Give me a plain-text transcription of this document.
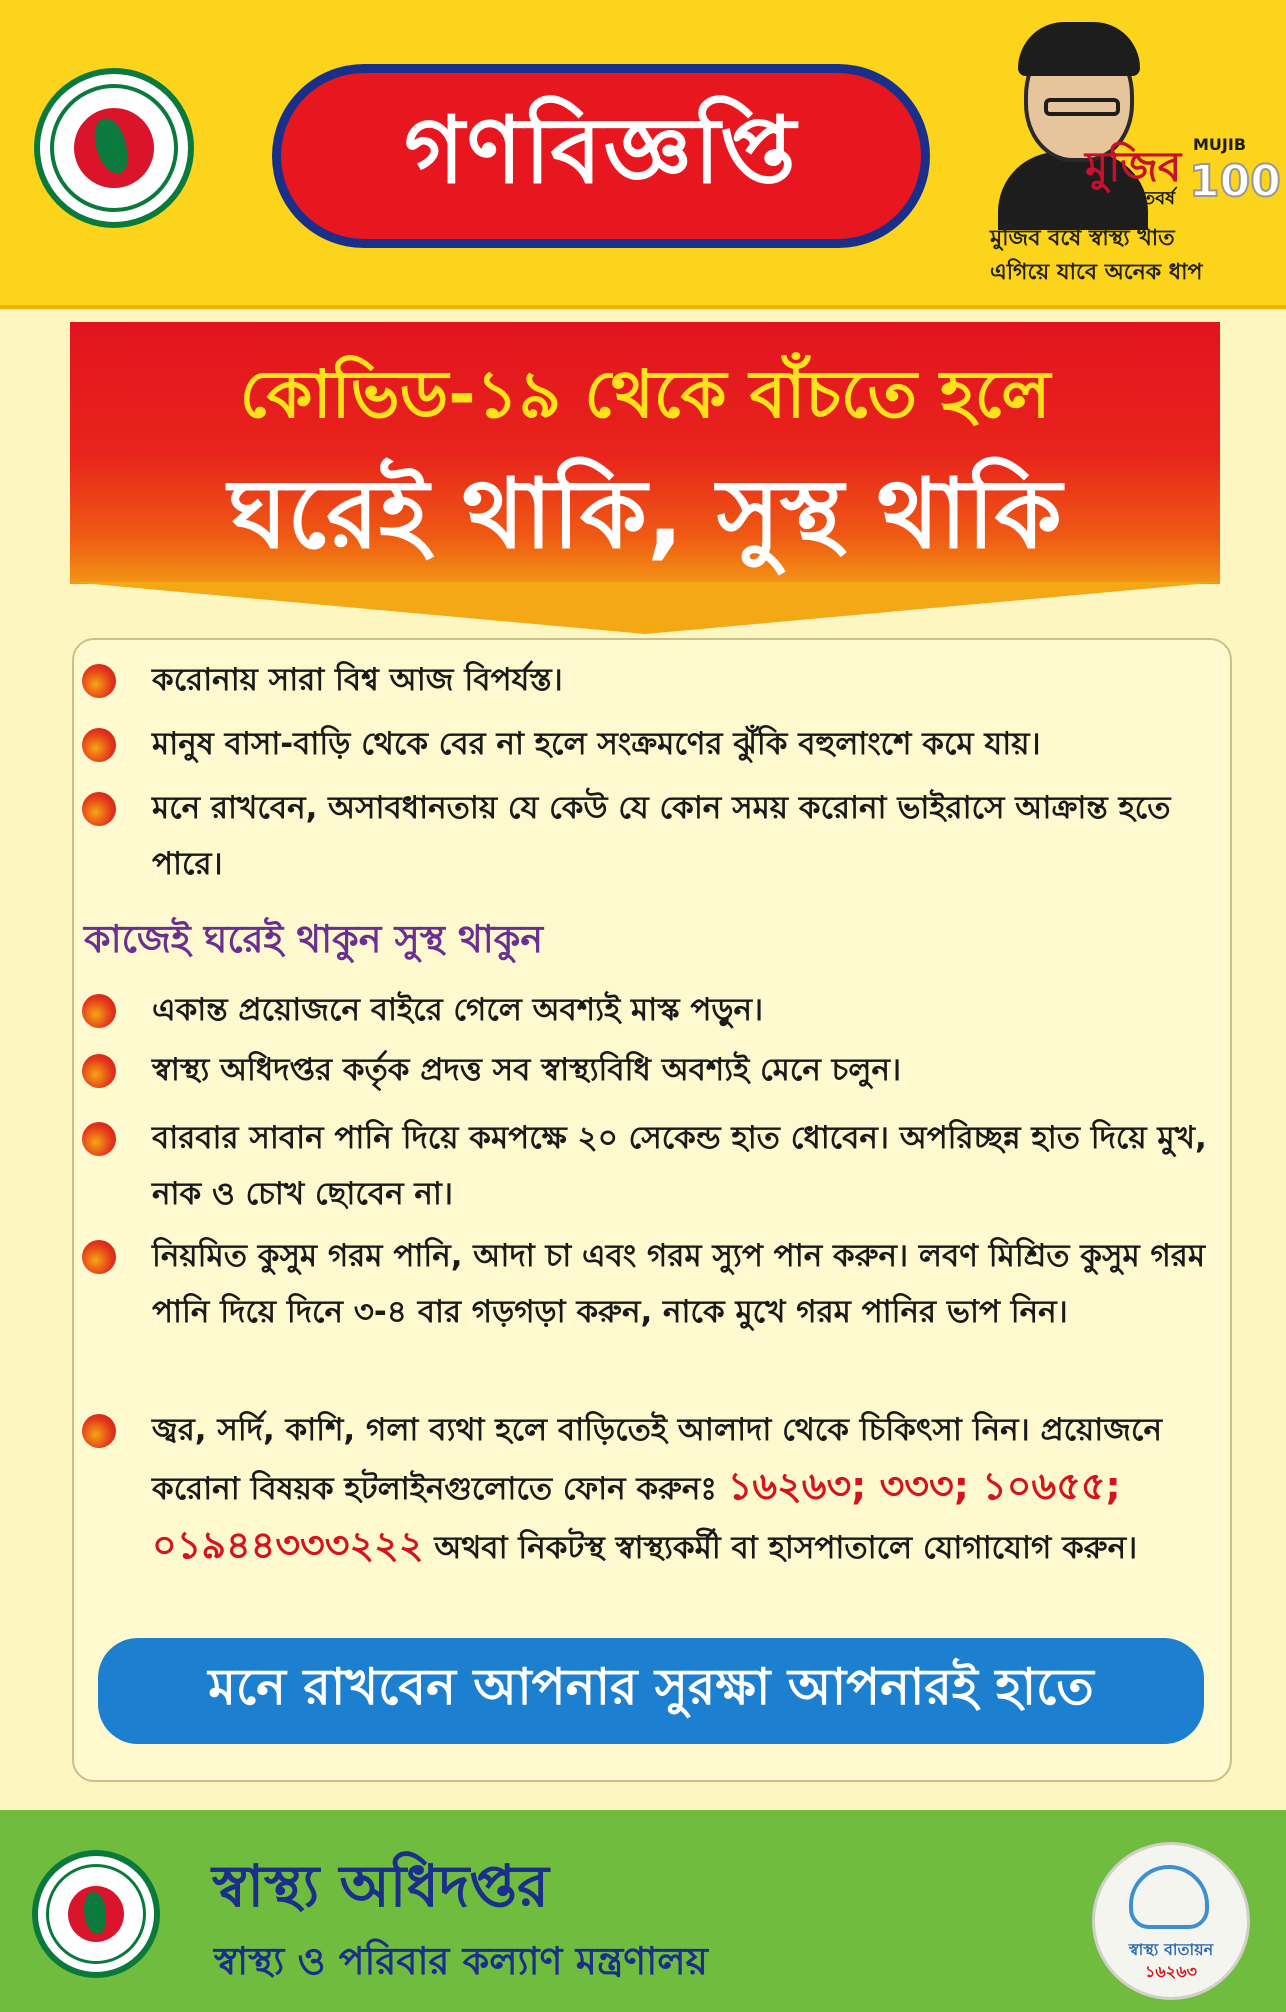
গণবিজ্ঞপ্তি	মুজিব
শতবর্ষ
MUJIB
100
মুজিব বর্ষে স্বাস্থ্য খাত
এগিয়ে যাবে অনেক ধাপ
কোভিড-১৯ থেকে বাঁচতে হলে
ঘরেই থাকি, সুস্থ থাকি
করোনায় সারা বিশ্ব আজ বিপর্যস্ত।
মানুষ বাসা-বাড়ি থেকে বের না হলে সংক্রমণের ঝুঁকি বহুলাংশে কমে যায়।
মনে রাখবেন, অসাবধানতায় যে কেউ যে কোন সময় করোনা ভাইরাসে আক্রান্ত হতে পারে।
কাজেই ঘরেই থাকুন সুস্থ থাকুন
একান্ত প্রয়োজনে বাইরে গেলে অবশ্যই মাস্ক পড়ুন।
স্বাস্থ্য অধিদপ্তর কর্তৃক প্রদত্ত সব স্বাস্থ্যবিধি অবশ্যই মেনে চলুন।
বারবার সাবান পানি দিয়ে কমপক্ষে ২০ সেকেন্ড হাত ধোবেন। অপরিচ্ছন্ন হাত দিয়ে মুখ, নাক ও চোখ ছোবেন না।
নিয়মিত কুসুম গরম পানি, আদা চা এবং গরম স্যুপ পান করুন। লবণ মিশ্রিত কুসুম গরম পানি দিয়ে দিনে ৩-৪ বার গড়গড়া করুন, নাকে মুখে গরম পানির ভাপ নিন।
জ্বর, সর্দি, কাশি, গলা ব্যথা হলে বাড়িতেই আলাদা থেকে চিকিৎসা নিন। প্রয়োজনে করোনা বিষয়ক হটলাইনগুলোতে ফোন করুনঃ ১৬২৬৩; ৩৩৩; ১০৬৫৫; ০১৯৪৪৩৩৩২২২ অথবা নিকটস্থ স্বাস্থ্যকর্মী বা হাসপাতালে যোগাযোগ করুন।
মনে রাখবেন আপনার সুরক্ষা আপনারই হাতে
স্বাস্থ্য অধিদপ্তর
স্বাস্থ্য ও পরিবার কল্যাণ মন্ত্রণালয়	স্বাস্থ্য বাতায়ন
১৬২৬৩
